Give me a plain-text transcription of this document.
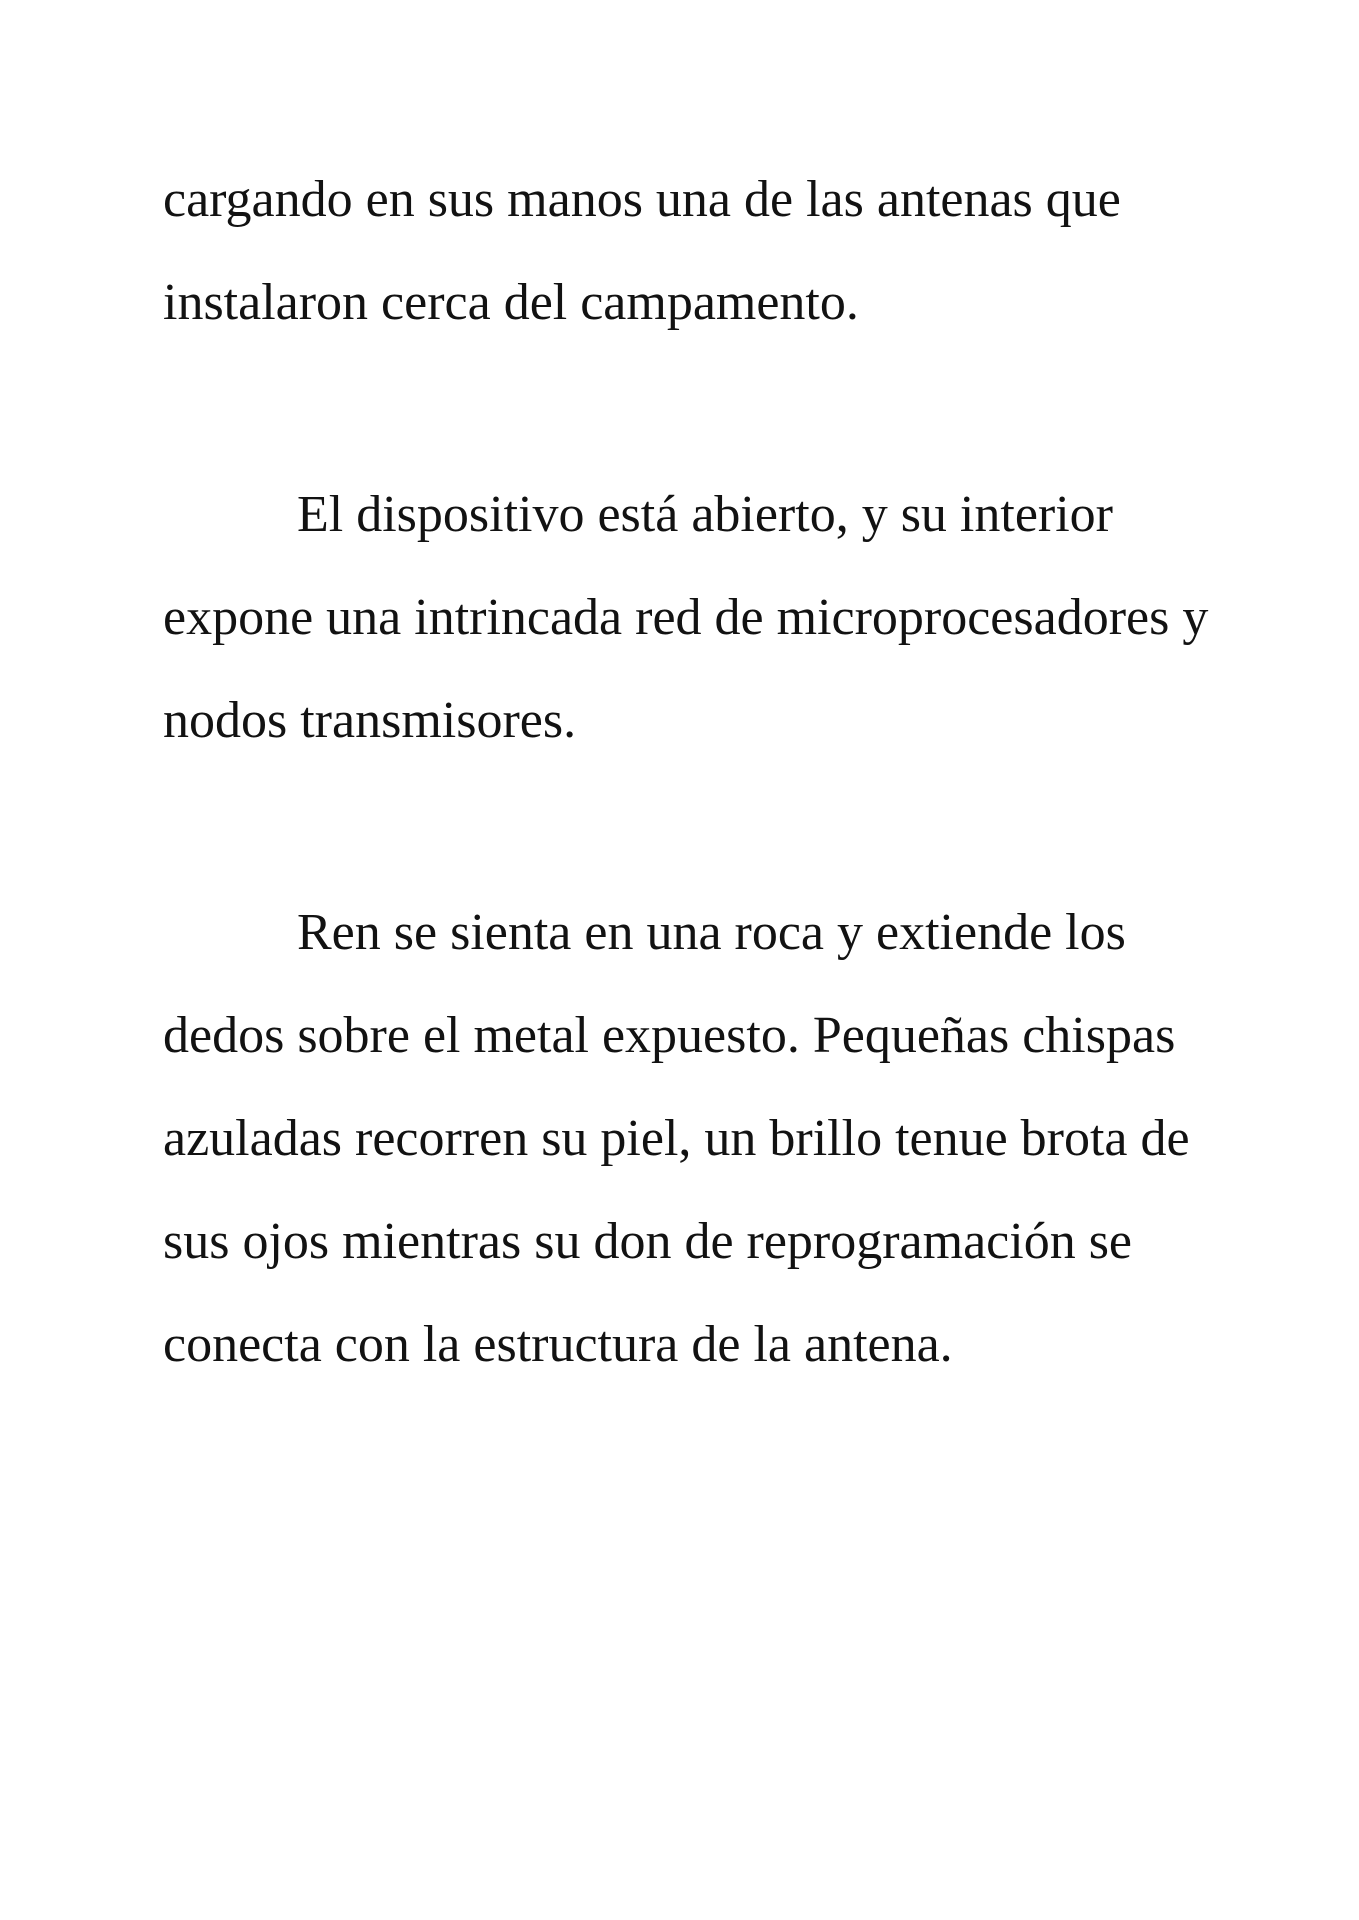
cargando en sus manos una de las antenas que
instalaron cerca del campamento.
El dispositivo está abierto, y su interior
expone una intrincada red de microprocesadores y
nodos transmisores.
Ren se sienta en una roca y extiende los
dedos sobre el metal expuesto. Pequeñas chispas
azuladas recorren su piel, un brillo tenue brota de
sus ojos mientras su don de reprogramación se
conecta con la estructura de la antena.
